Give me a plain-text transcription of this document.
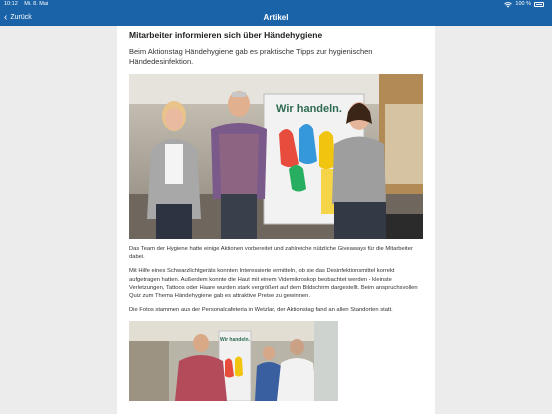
10:12 Mi. 8. Mai	100 %
‹ Zurück	Artikel
Mitarbeiter informieren sich über Händehygiene

Beim Aktionstag Händehygiene gab es praktische Tipps zur hygienischen Händedesinfektion.

Wir handeln.

Das Team der Hygiene hatte einige Aktionen vorbereitet und zahlreiche nützliche Giveaways für die Mitarbeiter dabei.

Mit Hilfe eines Schwarzlichtgeräts konnten Interessierte ermitteln, ob sie das Desinfektionsmittel korrekt aufgetragen hatten. Außerdem konnte die Haut mit einem Videmikroskop beobachtet werden - kleinste Verletzungen, Tattoos oder Haare wurden stark vergrößert auf dem Bildschirm dargestellt. Beim anspruchsvollen Quiz zum Thema Händehygiene gab es attraktive Preise zu gewinnen.

Die Fotos stammen aus der Personalcafeteria in Wetzlar, der Aktionstag fand an allen Standorten statt.

Wir handeln.
